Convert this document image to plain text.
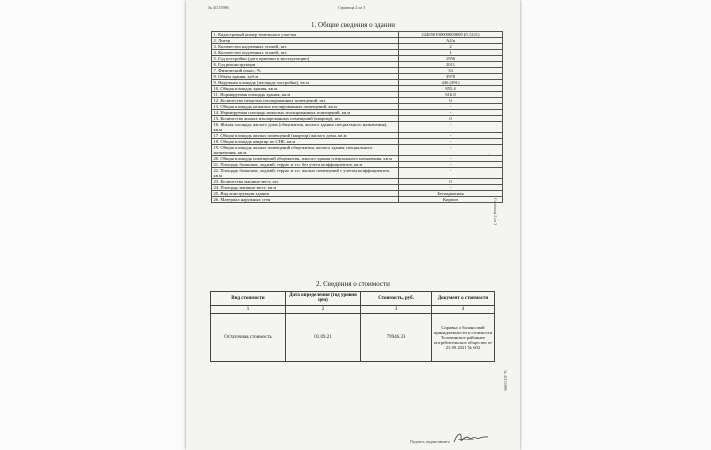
№ 41155986	Страница 2 из 3
1. Общие сведения о здании
1. Кадастровый номер земельного участка	224650100000000600 (0.1221)
2. Литер	А2/к
3. Количество надземных этажей, шт.	2
4. Количество подземных этажей, шт.	1
5. Год постройки (дата приемки в эксплуатацию)	1956
6. Год реконструкции	2011
7. Физический износ, %	33
8. Объем здания, куб.м	3978
9. Наружная площадь (площадь застройки), кв.м	446 (491)
10. Общая площадь здания, кв.м	855.4
11. Нормируемая площадь здания, кв.м	616.8
12. Количество нежилых изолированных помещений, шт.	0
13. Общая площадь нежилых изолированных помещений, кв.м	-
14. Нормируемая площадь нежилых изолированных помещений, кв.м	-
15. Количество жилых изолированных помещений (квартир), шт.	0
16. Жилая площадь жилого дома (общежития, жилого здания специального назначения), кв.м	-
17. Общая площадь жилых помещений (квартир) жилого дома, кв.м	-
18. Общая площадь квартир по СНБ, кв.м	-
19. Общая площадь жилых помещений общежития, жилого здания специального назначения, кв.м	-
20. Общая площадь помещений общежития, жилого здания специального назначения, кв.м	-
21. Площадь балконов, лоджий, террас и т.п. без учета коэффициентов, кв.м	-
22. Площадь балконов, лоджий, террас и т.п. жилых помещений с учетом коэффициентов, кв.м	-
23. Количество машино-мест, шт.	0
24. Площадь машино-мест, кв.м	-
25. Вид конструкции здания	Бескаркасная
26. Материал наружных стен	Кирпич
2. Сведения о стоимости
Вид стоимости	Дата определения (год уровня цен)	Стоимость, руб.	Документ о стоимости
1	2	3	4
Остаточная стоимость	01.09.21	79946.33	Справка о балансовой принадлежности и стоимости Толочинское районное потребительское общество от 23.09.2021 № 602
Подпись подписавшего
Страница 2 из 3
№ 41155986
·
